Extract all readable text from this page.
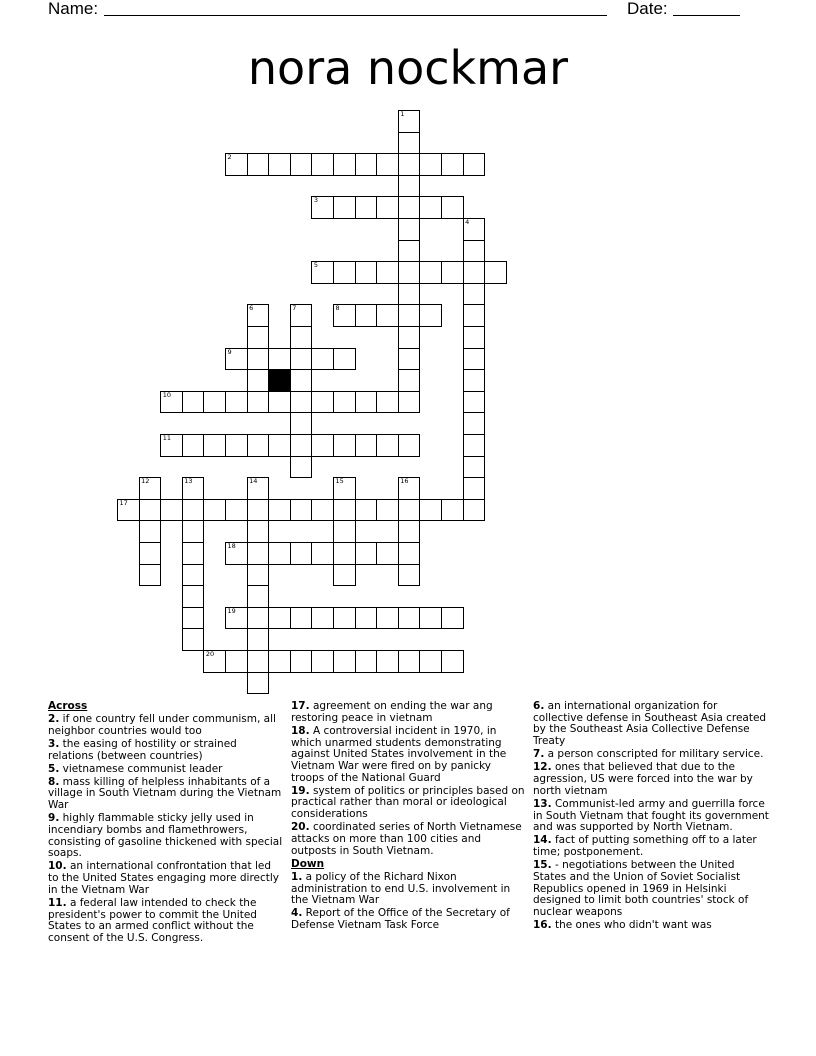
Name:	Date:
nora nockmar
2
3
5
8
9
10
11
17
18
19
20
1
4
6	7
12	13	14	15	16
Across
2 . if one country fell under communism, all neighbor countries would too
3 . the easing of hostility or strained relations (between countries)
5 . vietnamese communist leader
8 . mass killing of helpless inhabitants of a village in South Vietnam during the Vietnam War
9 . highly flammable sticky jelly used in incendiary bombs and flamethrowers, consisting of gasoline thickened with special soaps.
10 . an international confrontation that led to the United States engaging more directly in the Vietnam War
11 . a federal law intended to check the president's power to commit the United States to an armed conflict without the consent of the U.S. Congress.
17 . agreement on ending the war ang restoring peace in vietnam
18 . A controversial incident in 1970, in which unarmed students demonstrating against United States involvement in the Vietnam War were fired on by panicky troops of the National Guard
19 . system of politics or principles based on practical rather than moral or ideological considerations
20 . coordinated series of North Vietnamese attacks on more than 100 cities and outposts in South Vietnam.
Down
1 . a policy of the Richard Nixon administration to end U.S. involvement in the Vietnam War
4 . Report of the Office of the Secretary of Defense Vietnam Task Force
6 . an international organization for collective defense in Southeast Asia created by the Southeast Asia Collective Defense Treaty
7 . a person conscripted for military service.
12 . ones that believed that due to the agression, US were forced into the war by north vietnam
13 . Communist-led army and guerrilla force in South Vietnam that fought its government and was supported by North Vietnam.
14 . fact of putting something off to a later time; postponement.
15 . - negotiations between the United States and the Union of Soviet Socialist Republics opened in 1969 in Helsinki designed to limit both countries' stock of nuclear weapons
16 . the ones who didn't want was
